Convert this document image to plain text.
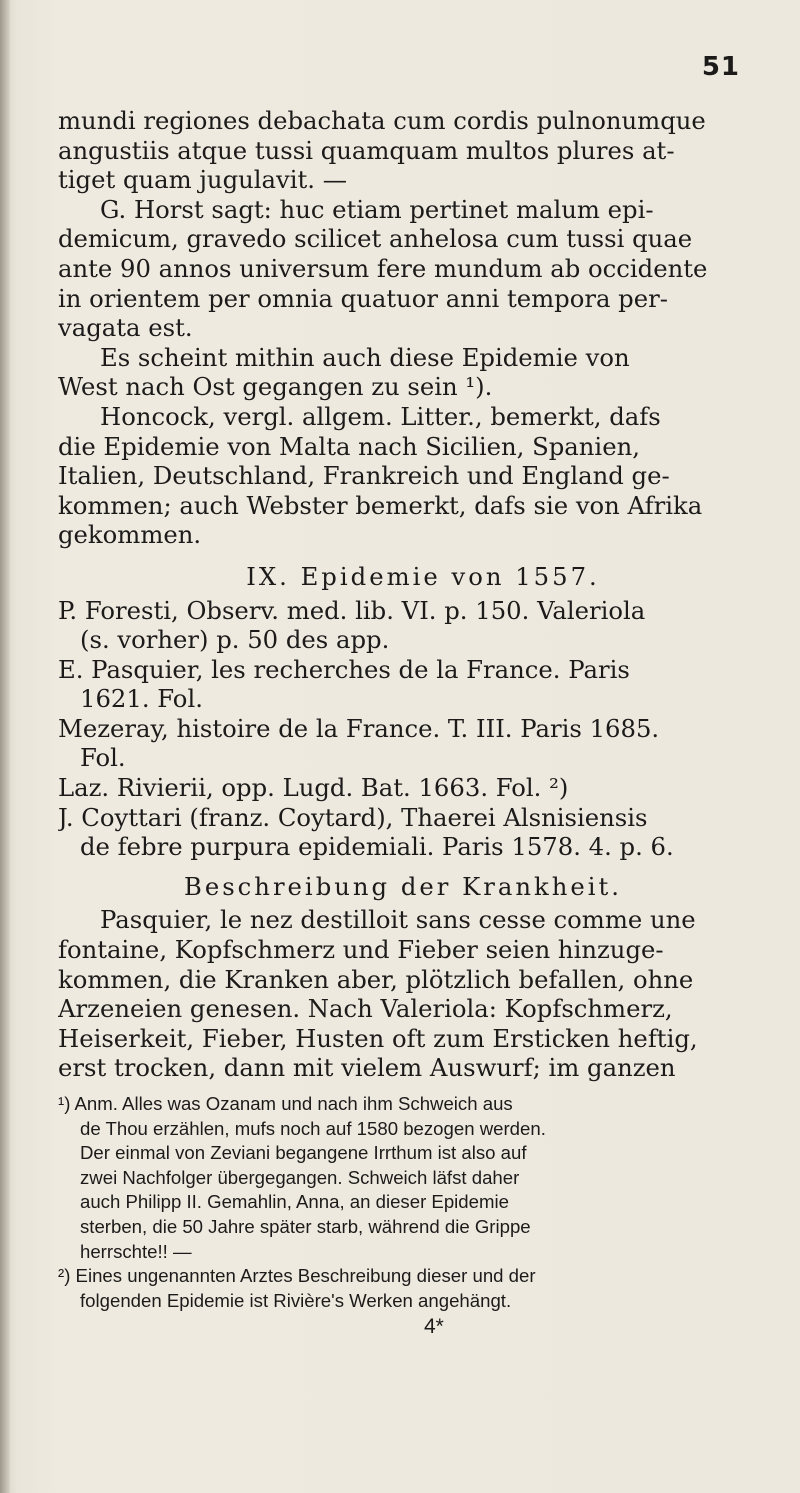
51
mundi regiones debachata cum cordis pulnonumque
angustiis atque tussi quamquam multos plures at-
tiget quam jugulavit. —
G. Horst sagt: huc etiam pertinet malum epi-
demicum, gravedo scilicet anhelosa cum tussi quae
ante 90 annos universum fere mundum ab occidente
in orientem per omnia quatuor anni tempora per-
vagata est.
Es scheint mithin auch diese Epidemie von
West nach Ost gegangen zu sein ¹).
Honcock, vergl. allgem. Litter., bemerkt, dafs
die Epidemie von Malta nach Sicilien, Spanien,
Italien, Deutschland, Frankreich und England ge-
kommen; auch Webster bemerkt, dafs sie von Afrika
gekommen.
IX. Epidemie von 1557.
P. Foresti, Observ. med. lib. VI. p. 150. Valeriola
(s. vorher) p. 50 des app.
E. Pasquier, les recherches de la France. Paris
1621. Fol.
Mezeray, histoire de la France. T. III. Paris 1685.
Fol.
Laz. Rivierii, opp. Lugd. Bat. 1663. Fol. ²)
J. Coyttari (franz. Coytard), Thaerei Alsnisiensis
de febre purpura epidemiali. Paris 1578. 4. p. 6.
Beschreibung der Krankheit.
Pasquier, le nez destilloit sans cesse comme une
fontaine, Kopfschmerz und Fieber seien hinzuge-
kommen, die Kranken aber, plötzlich befallen, ohne
Arzeneien genesen. Nach Valeriola: Kopfschmerz,
Heiserkeit, Fieber, Husten oft zum Ersticken heftig,
erst trocken, dann mit vielem Auswurf; im ganzen
¹) Anm. Alles was Ozanam und nach ihm Schweich aus
de Thou erzählen, mufs noch auf 1580 bezogen werden.
Der einmal von Zeviani begangene Irrthum ist also auf
zwei Nachfolger übergegangen. Schweich läfst daher
auch Philipp II. Gemahlin, Anna, an dieser Epidemie
sterben, die 50 Jahre später starb, während die Grippe
herrschte!! —
²) Eines ungenannten Arztes Beschreibung dieser und der
folgenden Epidemie ist Rivière's Werken angehängt.
4*
